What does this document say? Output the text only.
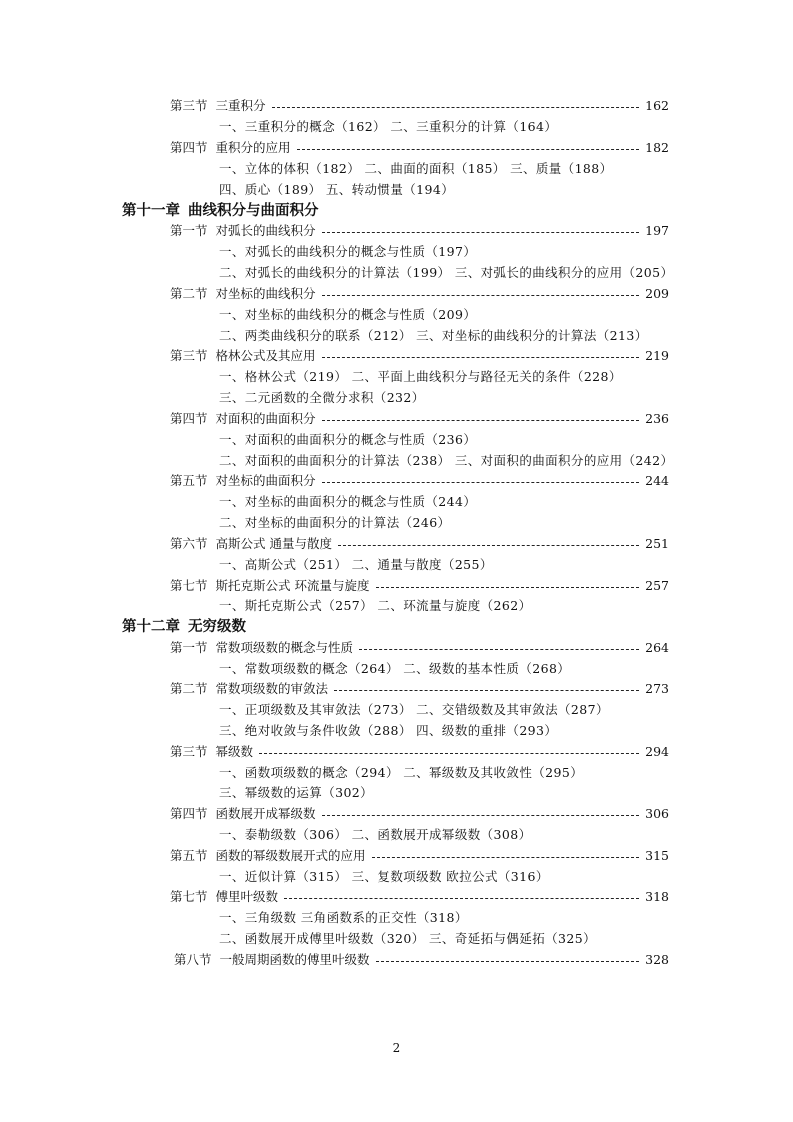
第三节 三重积分	162
一、三重积分的概念（162） 二、三重积分的计算（164）
第四节 重积分的应用	182
一、立体的体积（182） 二、曲面的面积（185） 三、质量（188）
四、质心（189） 五、转动惯量（194）
第十一章 曲线积分与曲面积分
第一节 对弧长的曲线积分	197
一、对弧长的曲线积分的概念与性质（197）
二、对弧长的曲线积分的计算法（199） 三、对弧长的曲线积分的应用（205）
第二节 对坐标的曲线积分	209
一、对坐标的曲线积分的概念与性质（209）
二、两类曲线积分的联系（212） 三、对坐标的曲线积分的计算法（213）
第三节 格林公式及其应用	219
一、格林公式（219） 二、平面上曲线积分与路径无关的条件（228）
三、二元函数的全微分求积（232）
第四节 对面积的曲面积分	236
一、对面积的曲面积分的概念与性质（236）
二、对面积的曲面积分的计算法（238） 三、对面积的曲面积分的应用（242）
第五节 对坐标的曲面积分	244
一、对坐标的曲面积分的概念与性质（244）
二、对坐标的曲面积分的计算法（246）
第六节 高斯公式 通量与散度	251
一、高斯公式（251） 二、通量与散度（255）
第七节 斯托克斯公式 环流量与旋度	257
一、斯托克斯公式（257） 二、环流量与旋度（262）
第十二章 无穷级数
第一节 常数项级数的概念与性质	264
一、常数项级数的概念（264） 二、级数的基本性质（268）
第二节 常数项级数的审敛法	273
一、正项级数及其审敛法（273） 二、交错级数及其审敛法（287）
三、绝对收敛与条件收敛（288） 四、级数的重排（293）
第三节 幂级数	294
一、函数项级数的概念（294） 二、幂级数及其收敛性（295）
三、幂级数的运算（302）
第四节 函数展开成幂级数	306
一、泰勒级数（306） 二、函数展开成幂级数（308）
第五节 函数的幂级数展开式的应用	315
一、近似计算（315） 三、复数项级数 欧拉公式（316）
第七节 傅里叶级数	318
一、三角级数 三角函数系的正交性（318）
二、函数展开成傅里叶级数（320） 三、奇延拓与偶延拓（325）
第八节 一般周期函数的傅里叶级数	328
2
